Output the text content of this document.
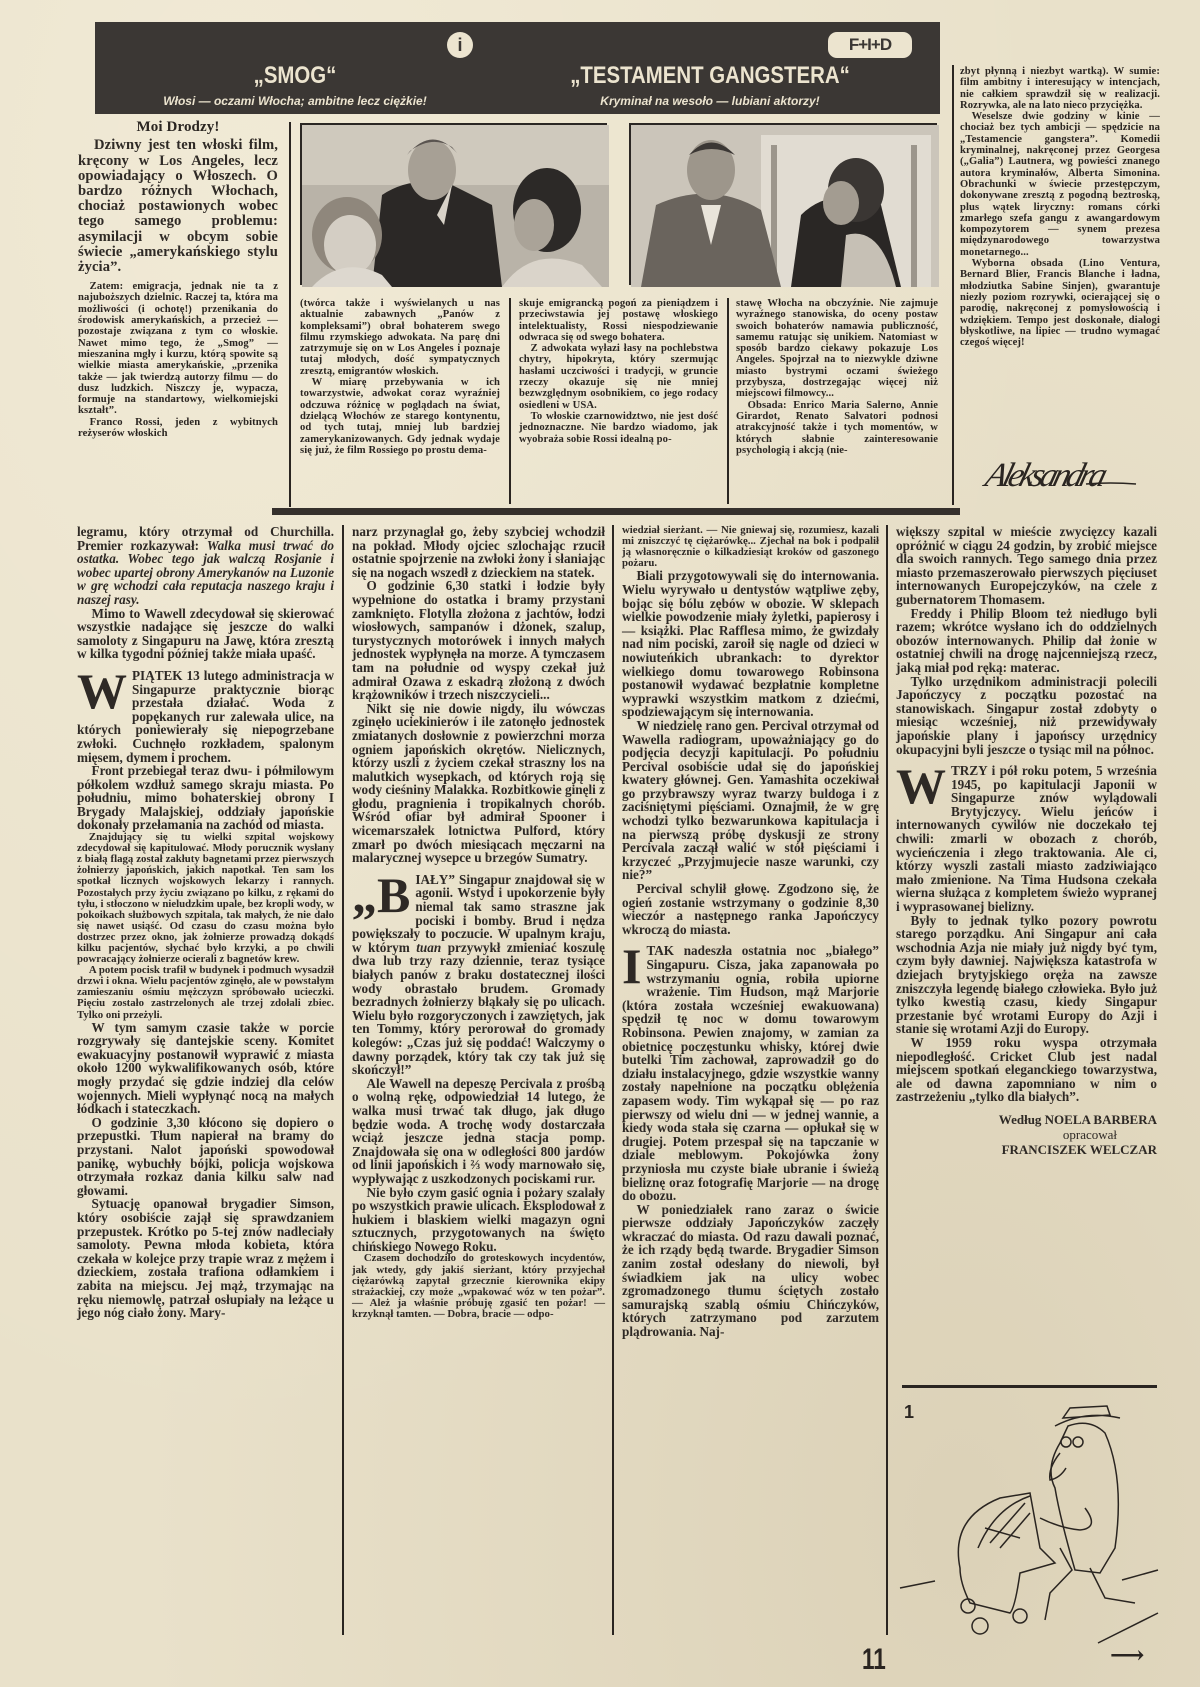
i
„SMOG“
Włosi — oczami Włocha; ambitne lecz ciężkie!
F+I+D
„TESTAMENT GANGSTERA“
Kryminał na wesoło — lubiani aktorzy!
Moi Drodzy!

Dziwny jest ten włoski film, kręcony w Los Angeles, lecz opowiadający o Włoszech. O bardzo różnych Włochach, chociaż postawionych wobec tego samego problemu: asymilacji w obcym sobie świecie „amerykańskiego stylu życia”.

Zatem: emigracja, jednak nie ta z najuboższych dzielnic. Raczej ta, która ma możliwości (i ochotę!) przenikania do środowisk amerykańskich, a przecież — pozostaje związana z tym co włoskie. Nawet mimo tego, że „Smog” — mieszanina mgły i kurzu, którą spowite są wielkie miasta amerykańskie, „przenika także — jak twierdzą autorzy filmu — do dusz ludzkich. Niszczy je, wypacza, formuje na standartowy, wielkomiejski kształt”.

Franco Rossi, jeden z wybitnych reżyserów włoskich

(twórca także i wyświelanych u nas aktualnie zabawnych „Panów z kompleksami”) obrał bohaterem swego filmu rzymskiego adwokata. Na parę dni zatrzymuje się on w Los Angeles i poznaje tutaj młodych, dość sympatycznych zresztą, emigrantów włoskich.

W miarę przebywania w ich towarzystwie, adwokat coraz wyraźniej odczuwa różnicę w poglądach na świat, dzielącą Włochów ze starego kontynentu, od tych tutaj, mniej lub bardziej zamerykanizowanych. Gdy jednak wydaje się już, że film Rossiego po prostu dema-

skuje emigrancką pogoń za pieniądzem i przeciwstawia jej postawę włoskiego intelektualisty, Rossi niespodziewanie odwraca się od swego bohatera.

Z adwokata wyłazi łasy na pochlebstwa chytry, hipokryta, który szermując hasłami uczciwości i tradycji, w gruncie rzeczy okazuje się nie mniej bezwzględnym osobnikiem, co jego rodacy osiedleni w USA.

To włoskie czarnowidztwo, nie jest dość jednoznaczne. Nie bardzo wiadomo, jak wyobraża sobie Rossi idealną po-

stawę Włocha na obczyźnie. Nie zajmuje wyraźnego stanowiska, do oceny postaw swoich bohaterów namawia publiczność, samemu ratując się unikiem. Natomiast w sposób bardzo ciekawy pokazuje Los Angeles. Spojrzał na to niezwykle dziwne miasto bystrymi oczami świeżego przybysza, dostrzegając więcej niż miejscowi filmowcy...

Obsada: Enrico Maria Salerno, Annie Girardot, Renato Salvatori podnosi atrakcyjność także i tych momentów, w których słabnie zainteresowanie psychologią i akcją (nie-

zbyt płynną i niezbyt wartką). W sumie: film ambitny i interesujący w intencjach, nie całkiem sprawdził się w realizacji. Rozrywka, ale na lato nieco przyciężka.

Weselsze dwie godziny w kinie — chociaż bez tych ambicji — spędzicie na „Testamencie gangstera”. Komedii kryminalnej, nakręconej przez Georgesa („Galia”) Lautnera, wg powieści znanego autora kryminałów, Alberta Simonina. Obrachunki w świecie przestępczym, dokonywane zresztą z pogodną beztroską, plus wątek liryczny: romans córki zmarłego szefa gangu z awangardowym kompozytorem — synem prezesa międzynarodowego towarzystwa monetarnego...

Wyborna obsada (Lino Ventura, Bernard Blier, Francis Blanche i ładna, młodziutka Sabine Sinjen), gwarantuje niezły poziom rozrywki, ocierającej się o parodię, nakręconej z pomysłowością i wdziękiem. Tempo jest doskonałe, dialogi błyskotliwe, na lipiec — trudno wymagać czegoś więcej!

Aleksandra

legramu, który otrzymał od Churchilla. Premier rozkazywał: Walka musi trwać do ostatka. Wobec tego jak walczą Rosjanie i wobec upartej obrony Amerykanów na Luzonie w grę wchodzi cała reputacja naszego kraju i naszej rasy.

Mimo to Wawell zdecydował się skierować wszystkie nadające się jeszcze do walki samoloty z Singapuru na Jawę, która zresztą w kilka tygodni później także miała upaść.

WPIĄTEK 13 lutego administracja w Singapurze praktycznie biorąc przestała działać. Woda z popękanych rur zalewała ulice, na których poniewierały się niepogrzebane zwłoki. Cuchnęło rozkładem, spalonym mięsem, dymem i prochem.

Front przebiegał teraz dwu- i półmilowym półkolem wzdłuż samego skraju miasta. Po południu, mimo bohaterskiej obrony I Brygady Malajskiej, oddziały japońskie dokonały przełamania na zachód od miasta.

Znajdujący się tu wielki szpital wojskowy zdecydował się kapitulować. Młody porucznik wysłany z białą flagą został zakłuty bagnetami przez pierwszych żołnierzy japońskich, jakich napotkał. Ten sam los spotkał licznych wojskowych lekarzy i rannych. Pozostałych przy życiu związano po kilku, z rękami do tyłu, i stłoczono w nieludzkim upale, bez kropli wody, w pokoikach służbowych szpitala, tak małych, że nie dało się nawet usiąść. Od czasu do czasu można było dostrzec przez okno, jak żołnierze prowadzą dokądś kilku pacjentów, słychać było krzyki, a po chwili powracający żołnierze ocierali z bagnetów krew.

A potem pocisk trafił w budynek i podmuch wysadził drzwi i okna. Wielu pacjentów zginęło, ale w powstałym zamieszaniu ośmiu mężczyzn spróbowało ucieczki. Pięciu zostało zastrzelonych ale trzej zdołali zbiec. Tylko oni przeżyli.

W tym samym czasie także w porcie rozgrywały się dantejskie sceny. Komitet ewakuacyjny postanowił wyprawić z miasta około 1200 wykwalifikowanych osób, które mogły przydać się gdzie indziej dla celów wojennych. Mieli wypłynąć nocą na małych łódkach i stateczkach.

O godzinie 3,30 kłócono się dopiero o przepustki. Tłum napierał na bramy do przystani. Nalot japoński spowodował panikę, wybuchły bójki, policja wojskowa otrzymała rozkaz dania kilku salw nad głowami.

Sytuację opanował brygadier Simson, który osobiście zajął się sprawdzaniem przepustek. Krótko po 5-tej znów nadleciały samoloty. Pewna młoda kobieta, która czekała w kolejce przy trapie wraz z mężem i dzieckiem, została trafiona odłamkiem i zabita na miejscu. Jej mąż, trzymając na ręku niemowlę, patrzał osłupiały na leżące u jego nóg ciało żony. Mary-

narz przynaglał go, żeby szybciej wchodził na pokład. Młody ojciec szlochając rzucił ostatnie spojrzenie na zwłoki żony i słaniając się na nogach wszedł z dzieckiem na statek.

O godzinie 6,30 statki i łodzie były wypełnione do ostatka i bramy przystani zamknięto. Flotylla złożona z jachtów, łodzi wiosłowych, sampanów i dżonek, szalup, turystycznych motorówek i innych małych jednostek wypłynęła na morze. A tymczasem tam na południe od wyspy czekał już admirał Ozawa z eskadrą złożoną z dwóch krążowników i trzech niszczycieli...

Nikt się nie dowie nigdy, ilu wówczas zginęło uciekinierów i ile zatonęło jednostek zmiatanych dosłownie z powierzchni morza ogniem japońskich okrętów. Nielicznych, którzy uszli z życiem czekał straszny los na malutkich wysepkach, od których roją się wody cieśniny Malakka. Rozbitkowie ginęli z głodu, pragnienia i tropikalnych chorób. Wśród ofiar był admirał Spooner i wicemarszałek lotnictwa Pulford, który zmarł po dwóch miesiącach męczarni na malarycznej wysepce u brzegów Sumatry.

„BIAŁY” Singapur znajdował się w agonii. Wstyd i upokorzenie były niemal tak samo straszne jak pociski i bomby. Brud i nędza powiększały to poczucie. W upalnym kraju, w którym tuan przywykł zmieniać koszulę dwa lub trzy razy dziennie, teraz tysiące białych panów z braku dostatecznej ilości wody obrastało brudem. Gromady bezradnych żołnierzy błąkały się po ulicach. Wielu było rozgoryczonych i zawziętych, jak ten Tommy, który perorował do gromady kolegów: „Czas już się poddać! Walczymy o dawny porządek, który tak czy tak już się skończył!”

Ale Wawell na depeszę Percivala z prośbą o wolną rękę, odpowiedział 14 lutego, że walka musi trwać tak długo, jak długo będzie woda. A trochę wody dostarczała wciąż jeszcze jedna stacja pomp. Znajdowała się ona w odległości 800 jardów od linii japońskich i ⅔ wody marnowało się, wypływając z uszkodzonych pociskami rur.

Nie było czym gasić ognia i pożary szalały po wszystkich prawie ulicach. Eksplodował z hukiem i blaskiem wielki magazyn ogni sztucznych, przygotowanych na święto chińskiego Nowego Roku.

Czasem dochodziło do groteskowych incydentów, jak wtedy, gdy jakiś sierżant, który przyjechał ciężarówką zapytał grzecznie kierownika ekipy strażackiej, czy może „wpakować wóz w ten pożar”. — Ależ ja właśnie próbuję zgasić ten pożar! — krzyknął tamten. — Dobra, bracie — odpo-

wiedział sierżant. — Nie gniewaj się, rozumiesz, kazali mi zniszczyć tę ciężarówkę... Zjechał na bok i podpalił ją własnoręcznie o kilkadziesiąt kroków od gaszonego pożaru.

Biali przygotowywali się do internowania. Wielu wyrywało u dentystów wątpliwe zęby, bojąc się bólu zębów w obozie. W sklepach wielkie powodzenie miały żyletki, papierosy i — książki. Plac Rafflesa mimo, że gwizdały nad nim pociski, zaroił się nagle od dzieci w nowiuteńkich ubrankach: to dyrektor wielkiego domu towarowego Robinsona postanowił wydawać bezpłatnie kompletne wyprawki wszystkim matkom z dziećmi, spodziewającym się internowania.

W niedzielę rano gen. Percival otrzymał od Wawella radiogram, upoważniający go do podjęcia decyzji kapitulacji. Po południu Percival osobiście udał się do japońskiej kwatery głównej. Gen. Yamashita oczekiwał go przybrawszy wyraz twarzy buldoga i z zaciśniętymi pięściami. Oznajmił, że w grę wchodzi tylko bezwarunkowa kapitulacja i na pierwszą próbę dyskusji ze strony Percivala zaczął walić w stół pięściami i krzyczeć „Przyjmujecie nasze warunki, czy nie?”

Percival schylił głowę. Zgodzono się, że ogień zostanie wstrzymany o godzinie 8,30 wieczór a następnego ranka Japończycy wkroczą do miasta.

ITAK nadeszła ostatnia noc „białego” Singapuru. Cisza, jaka zapanowała po wstrzymaniu ognia, robiła upiorne wrażenie. Tim Hudson, mąż Marjorie (która została wcześniej ewakuowana) spędził tę noc w domu towarowym Robinsona. Pewien znajomy, w zamian za obietnicę poczęstunku whisky, której dwie butelki Tim zachował, zaprowadził go do działu instalacyjnego, gdzie wszystkie wanny zostały napełnione na początku oblężenia zapasem wody. Tim wykąpał się — po raz pierwszy od wielu dni — w jednej wannie, a kiedy woda stała się czarna — opłukał się w drugiej. Potem przespał się na tapczanie w dziale meblowym. Pokojówka żony przyniosła mu czyste białe ubranie i świeżą bieliznę oraz fotografię Marjorie — na drogę do obozu.

W poniedziałek rano zaraz o świcie pierwsze oddziały Japończyków zaczęły wkraczać do miasta. Od razu dawali poznać, że ich rządy będą twarde. Brygadier Simson zanim został odesłany do niewoli, był świadkiem jak na ulicy wobec zgromadzonego tłumu ściętych zostało samurajską szablą ośmiu Chińczyków, których zatrzymano pod zarzutem plądrowania. Naj-

większy szpital w mieście zwycięzcy kazali opróżnić w ciągu 24 godzin, by zrobić miejsce dla swoich rannych. Tego samego dnia przez miasto przemaszerowało pierwszych pięciuset internowanych Europejczyków, na czele z gubernatorem Thomasem.

Freddy i Philip Bloom też niedługo byli razem; wkrótce wysłano ich do oddzielnych obozów internowanych. Philip dał żonie w ostatniej chwili na drogę najcenniejszą rzecz, jaką miał pod ręką: materac.

Tylko urzędnikom administracji polecili Japończycy z początku pozostać na stanowiskach. Singapur został zdobyty o miesiąc wcześniej, niż przewidywały japońskie plany i japońscy urzędnicy okupacyjni byli jeszcze o tysiąc mil na północ.

WTRZY i pół roku potem, 5 września 1945, po kapitulacji Japonii w Singapurze znów wylądowali Brytyjczycy. Wielu jeńców i internowanych cywilów nie doczekało tej chwili: zmarli w obozach z chorób, wycieńczenia i złego traktowania. Ale ci, którzy wyszli zastali miasto zadziwiająco mało zmienione. Na Tima Hudsona czekała wierna służąca z kompletem świeżo wypranej i wyprasowanej bielizny.

Były to jednak tylko pozory powrotu starego porządku. Ani Singapur ani cała wschodnia Azja nie miały już nigdy być tym, czym były dawniej. Największa katastrofa w dziejach brytyjskiego oręża na zawsze zniszczyła legendę białego człowieka. Było już tylko kwestią czasu, kiedy Singapur przestanie być wrotami Europy do Azji i stanie się wrotami Azji do Europy.

W 1959 roku wyspa otrzymała niepodległość. Cricket Club jest nadal miejscem spotkań eleganckiego towarzystwa, ale od dawna zapomniano w nim o zastrzeżeniu „tylko dla białych”.

Według NOELA BARBERA
opracował
FRANCISZEK WELCZAR
1
11	⟶
